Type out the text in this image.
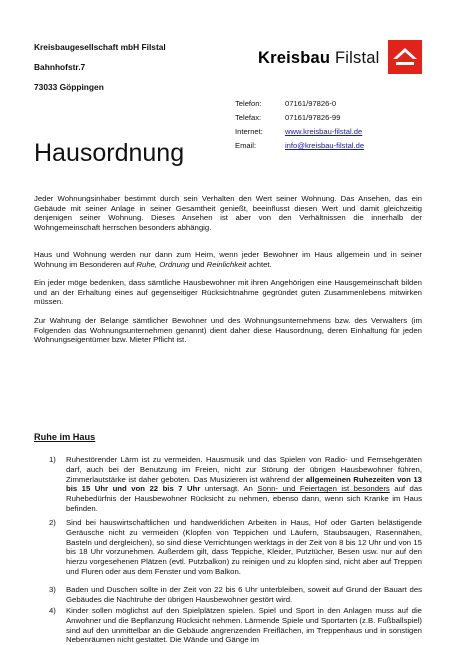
Kreisbaugesellschaft mbH Filstal
Bahnhofstr.7
73033 Göppingen
Kreisbau Filstal
Telefon:	07161/97826-0
Telefax:	07161/97826-99
Internet:	www.kreisbau-filstal.de
Email:	info@kreisbau-filstal.de
Hausordnung
Jeder Wohnungsinhaber bestimmt durch sein Verhalten den Wert seiner Wohnung. Das Ansehen, das ein Gebäude mit seiner Anlage in seiner Gesamtheit genießt, beeinflusst diesen Wert und damit gleichzeitig denjenigen seiner Wohnung. Dieses Ansehen ist aber von den Verhältnissen die innerhalb der Wohngemeinschaft herrschen besonders abhängig.
Haus und Wohnung werden nur dann zum Heim, wenn jeder Bewohner im Haus allgemein und in seiner Wohnung im Besonderen auf Ruhe, Ordnung und Reinlichkeit achtet.
Ein jeder möge bedenken, dass sämtliche Hausbewohner mit ihren Angehörigen eine Hausgemeinschaft bilden und an der Erhaltung eines auf gegenseitiger Rücksichtnahme gegründet guten Zusammenlebens mitwirken müssen.
Zur Wahrung der Belange sämtlicher Bewohner und des Wohnungsunternehmens bzw. des Verwalters (im Folgenden das Wohnungsunternehmen genannt) dient daher diese Hausordnung, deren Einhaltung für jeden Wohnungseigentümer bzw. Mieter Pflicht ist.
Ruhe im Haus
1) Ruhestörender Lärm ist zu vermeiden. Hausmusik und das Spielen von Radio- und Fernsehgeräten darf, auch bei der Benutzung im Freien, nicht zur Störung der übrigen Hausbewohner führen, Zimmerlautstärke ist daher geboten. Das Musizieren ist während der allgemeinen Ruhezeiten von 13 bis 15 Uhr und von 22 bis 7 Uhr untersagt. An Sonn- und Feiertagen ist besonders auf das Ruhebedürfnis der Hausbewohner Rücksicht zu nehmen, ebenso dann, wenn sich Kranke im Haus befinden.
2) Sind bei hauswirtschaftlichen und handwerklichen Arbeiten in Haus, Hof oder Garten belästigende Geräusche nicht zu vermeiden (Klopfen von Teppichen und Läufern, Staubsaugen, Rasennähen, Basteln und dergleichen), so sind diese Verrichtungen werktags in der Zeit von 8 bis 12 Uhr und von 15 bis 18 Uhr vorzunehmen. Außerdem gilt, dass Teppiche, Kleider, Putztücher, Besen usw. nur auf den hierzu vorgesehenen Plätzen (evtl. Putzbalkon) zu reinigen und zu klopfen sind, nicht aber auf Treppen und Fluren oder aus dem Fenster und vom Balkon.
3) Baden und Duschen sollte in der Zeit von 22 bis 6 Uhr unterbleiben, soweit auf Grund der Bauart des Gebäudes die Nachtruhe der übrigen Hausbewohner gestört wird.
4) Kinder sollen möglichst auf den Spielplätzen spielen. Spiel und Sport in den Anlagen muss auf die Anwohner und die Bepflanzung Rücksicht nehmen. Lärmende Spiele und Sportarten (z.B. Fußballspiel) sind auf den unmittelbar an die Gebäude angrenzenden Freiflächen, im Treppenhaus und in sonstigen Nebenräumen nicht gestattet. Die Wände und Gänge im
